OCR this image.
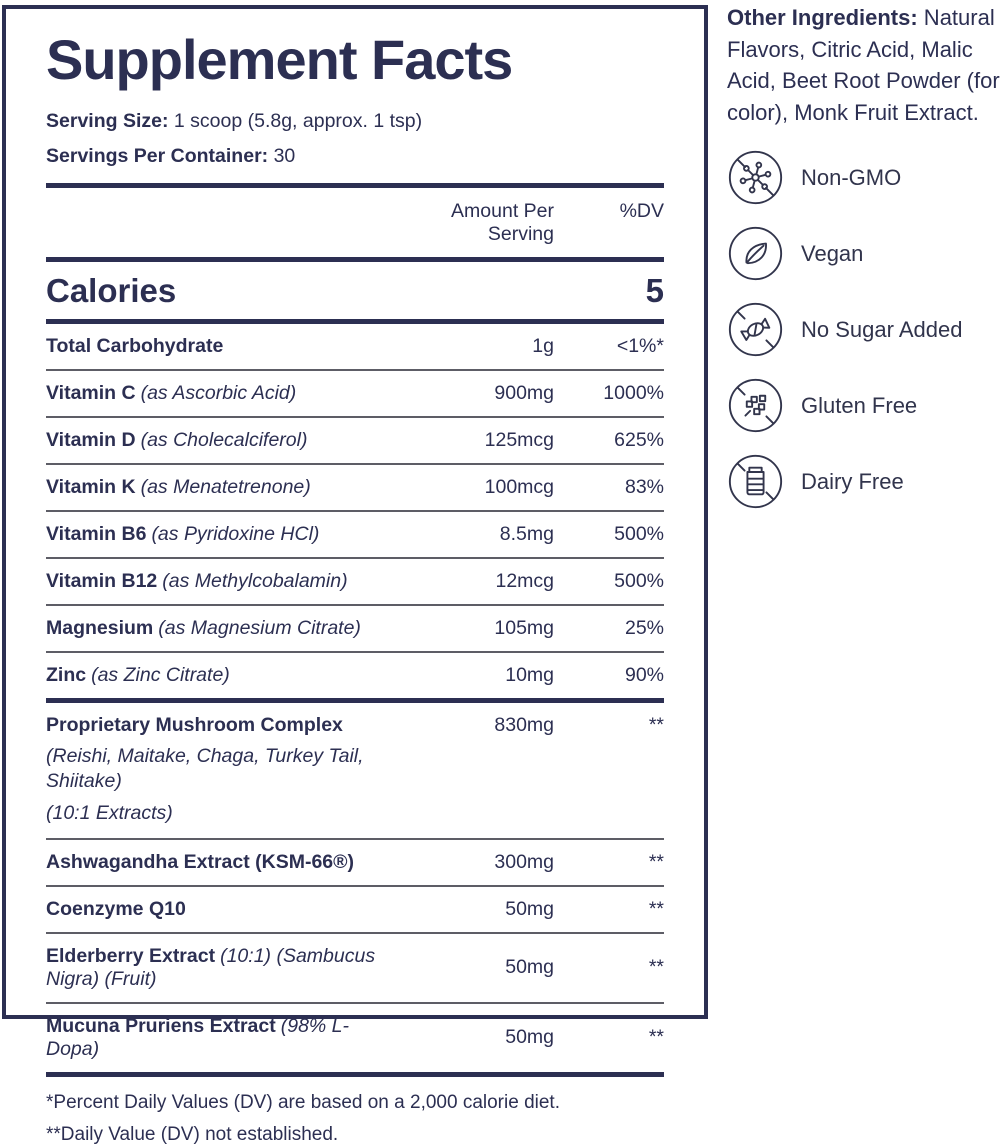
Supplement Facts

Serving Size: 1 scoop (5.8g, approx. 1 tsp)

Servings Per Container: 30

Amount Per Serving
%DV
Calories	5
Total Carbohydrate	1g	<1%*
Vitamin C (as Ascorbic Acid)	900mg	1000%
Vitamin D (as Cholecalciferol)	125mcg	625%
Vitamin K (as Menatetrenone)	100mcg	83%
Vitamin B6 (as Pyridoxine HCl)	8.5mg	500%
Vitamin B12 (as Methylcobalamin)	12mcg	500%
Magnesium (as Magnesium Citrate)	105mg	25%
Zinc (as Zinc Citrate)	10mg	90%
Proprietary Mushroom Complex
(Reishi, Maitake, Chaga, Turkey Tail, Shiitake)
(10:1 Extracts)
830mg	**
Ashwagandha Extract (KSM-66®)	300mg	**
Coenzyme Q10	50mg	**
Elderberry Extract (10:1) (Sambucus Nigra) (Fruit)
50mg	**
Mucuna Pruriens Extract (98% L-Dopa)
50mg	**

*Percent Daily Values (DV) are based on a 2,000 calorie diet.

**Daily Value (DV) not established.

Other Ingredients: Natural Flavors, Citric Acid, Malic Acid, Beet Root Powder (for color), Monk Fruit Extract.

Non-GMO
Vegan
No Sugar Added
Gluten Free
Dairy Free
